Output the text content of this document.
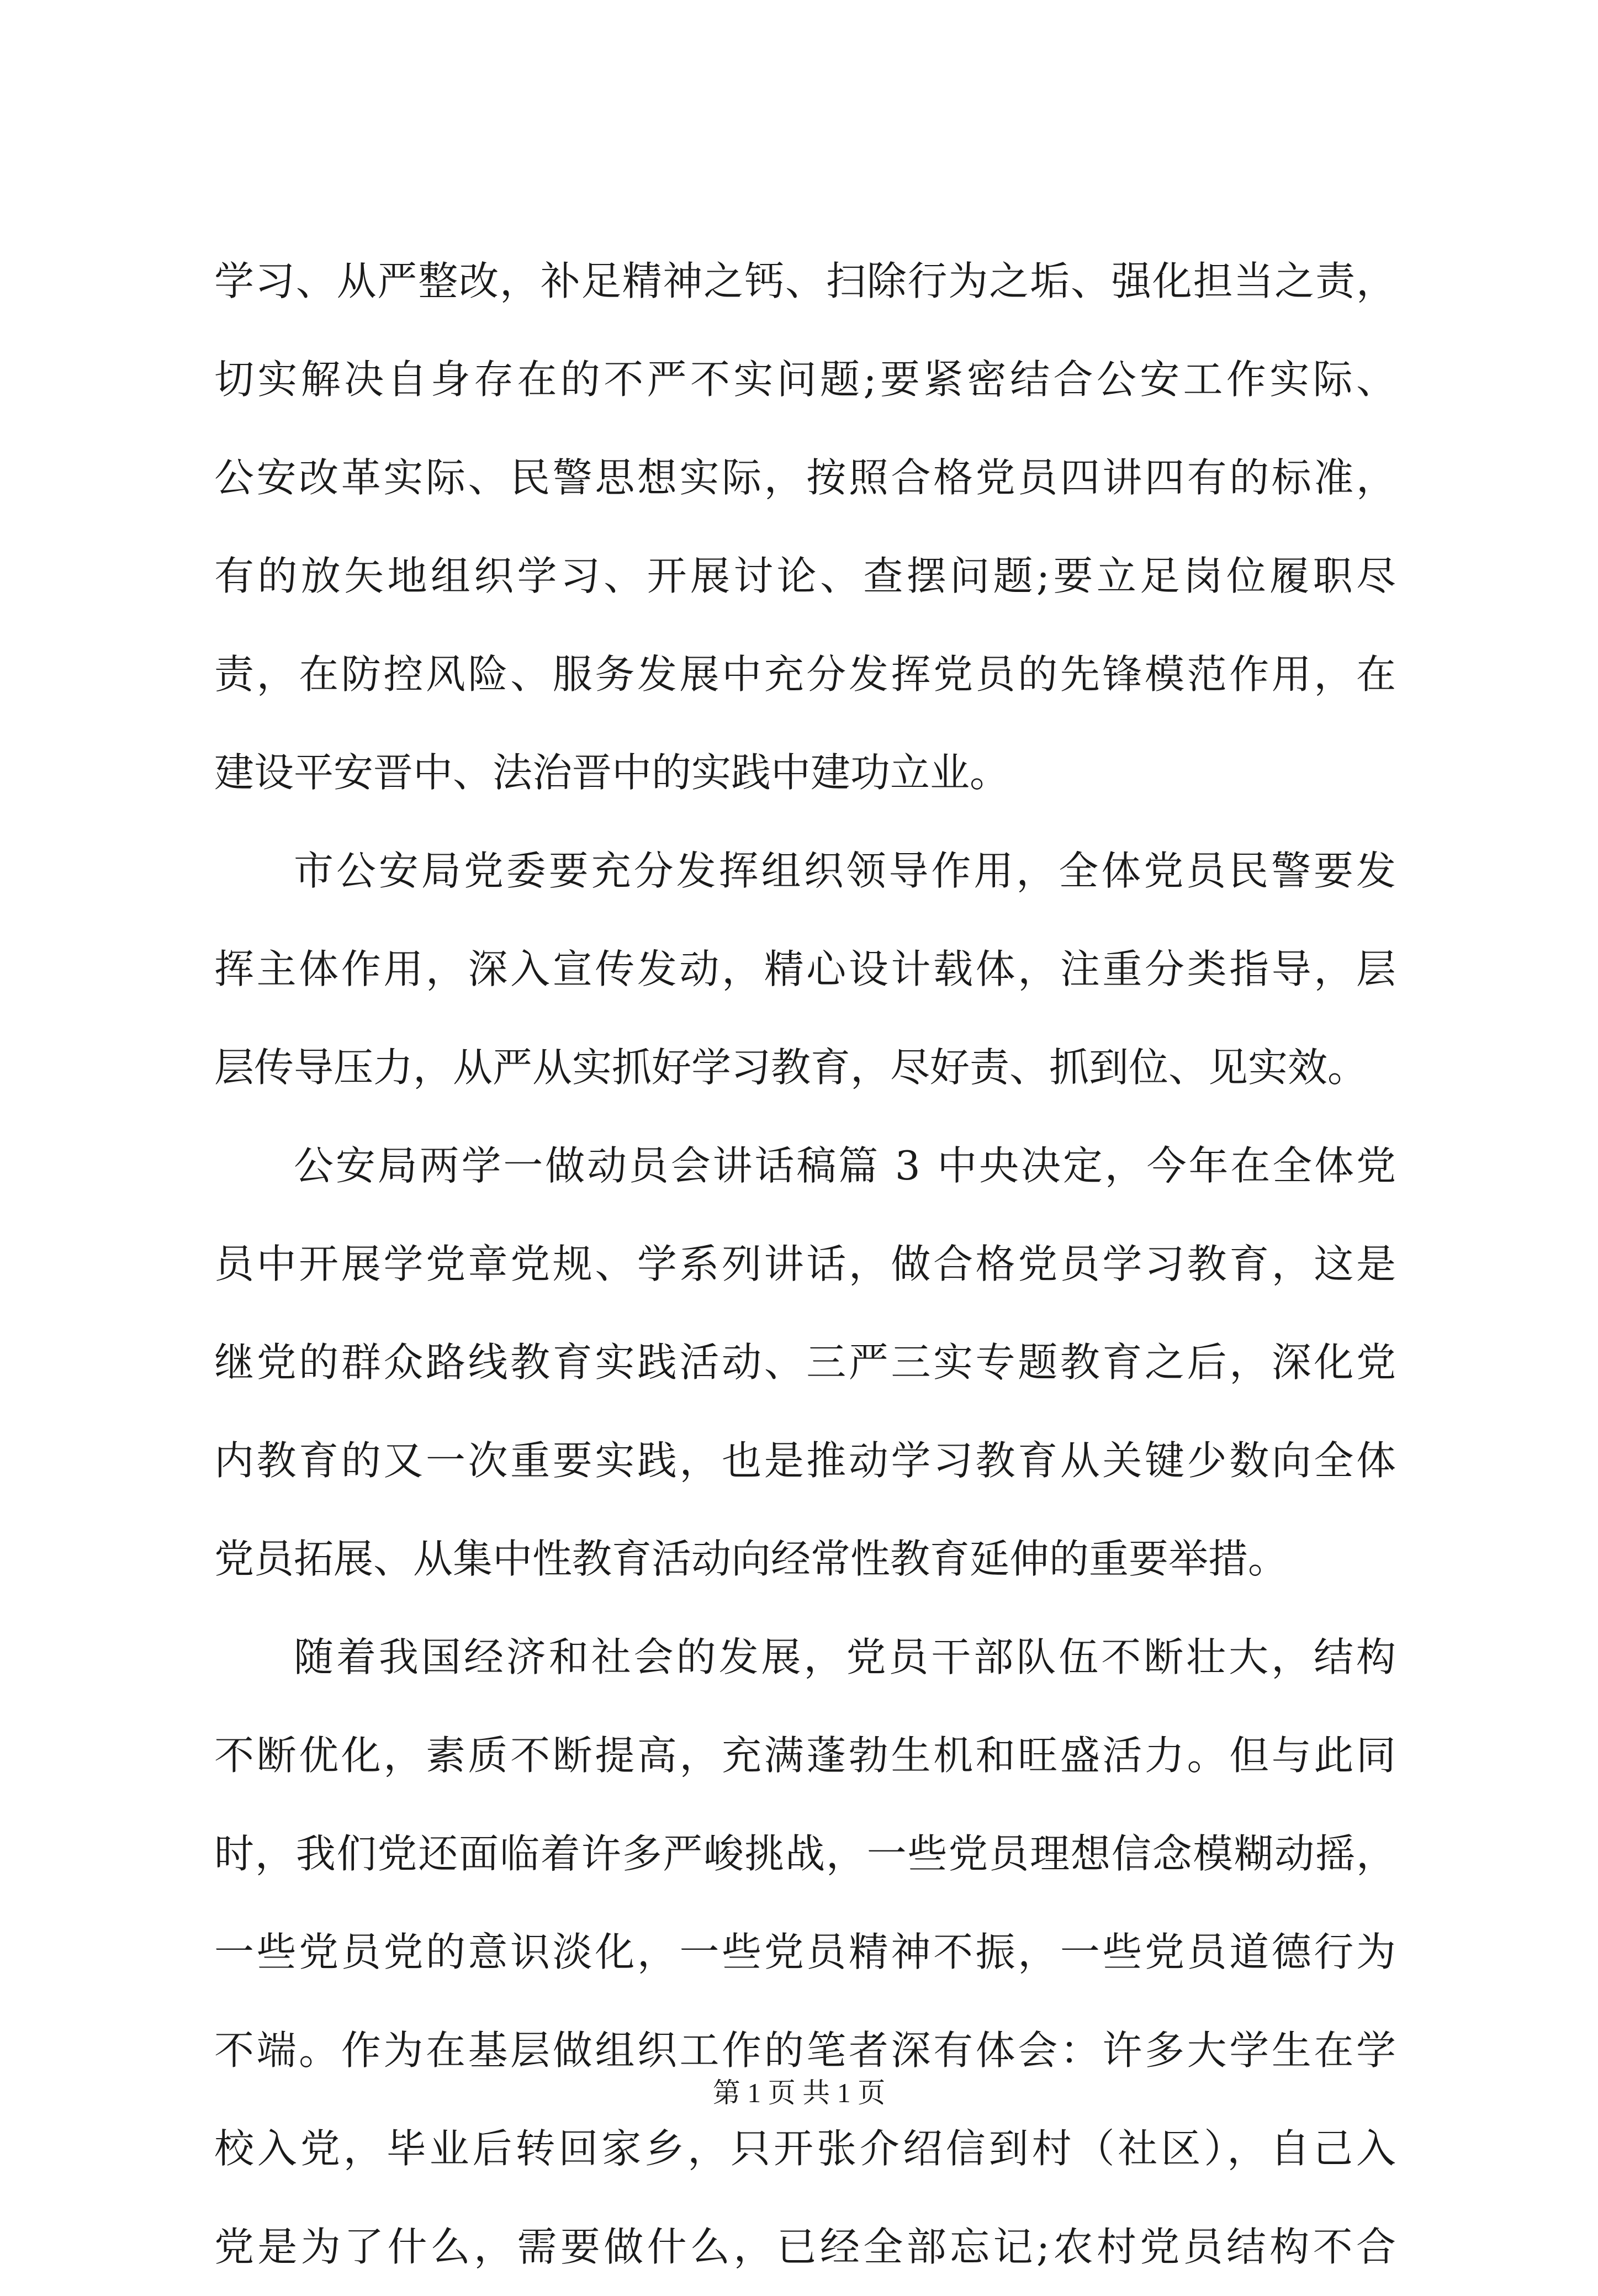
学习、从严整改，补足精神之钙、扫除行为之垢、强化担当之责，
切实解决自身存在的不严不实问题;要紧密结合公安工作实际、
公安改革实际、民警思想实际，按照合格党员四讲四有的标准，
有的放矢地组织学习、开展讨论、查摆问题;要立足岗位履职尽
责，在防控风险、服务发展中充分发挥党员的先锋模范作用，在
建设平安晋中、法治晋中的实践中建功立业。
市公安局党委要充分发挥组织领导作用，全体党员民警要发
挥主体作用，深入宣传发动，精心设计载体，注重分类指导，层
层传导压力，从严从实抓好学习教育，尽好责、抓到位、见实效。
公安局两学一做动员会讲话稿篇 3 中央决定，今年在全体党
员中开展学党章党规、学系列讲话，做合格党员学习教育，这是
继党的群众路线教育实践活动、三严三实专题教育之后，深化党
内教育的又一次重要实践，也是推动学习教育从关键少数向全体
党员拓展、从集中性教育活动向经常性教育延伸的重要举措。
随着我国经济和社会的发展，党员干部队伍不断壮大，结构
不断优化，素质不断提高，充满蓬勃生机和旺盛活力。但与此同
时，我们党还面临着许多严峻挑战，一些党员理想信念模糊动摇，
一些党员党的意识淡化，一些党员精神不振，一些党员道德行为
不端。作为在基层做组织工作的笔者深有体会：许多大学生在学
校入党，毕业后转回家乡，只开张介绍信到村（社区），自己入
党是为了什么，需要做什么，已经全部忘记;农村党员结构不合
第 1 页 共 1 页
